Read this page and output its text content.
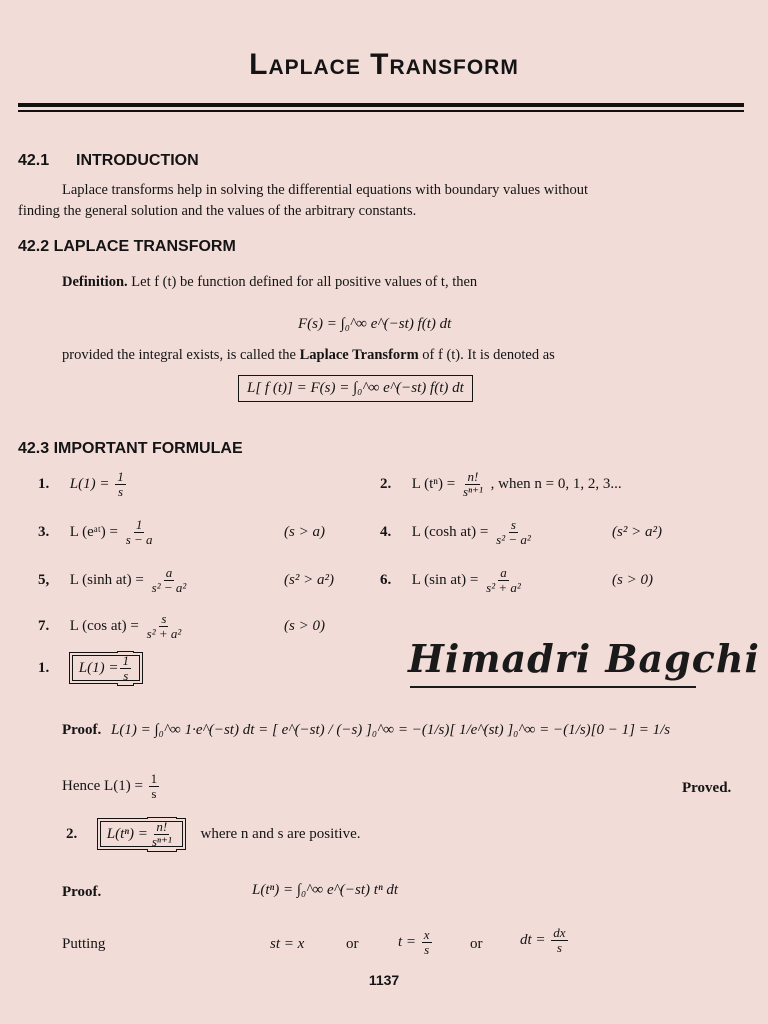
Laplace Transform
42.1 INTRODUCTION
Laplace transforms help in solving the differential equations with boundary values without
finding the general solution and the values of the arbitrary constants.
42.2 LAPLACE TRANSFORM
Definition. Let f (t) be function defined for all positive values of t, then
F(s) = ∫₀^∞ e^(−st) f(t) dt
provided the integral exists, is called the Laplace Transform of f (t). It is denoted as
L[ f (t)] = F(s) = ∫₀^∞ e^(−st) f(t) dt
42.3 IMPORTANT FORMULAE
1. $L(1) = \frac{1}{s}$	2. L $(t^n) = \frac{n!}{\text{sⁿ⁺¹}}$ , when n = 0, 1, 2, 3...
3. L (eᵃᵗ) = $\frac{1}{s - a}$	(s > a)	4. L (cosh $at) = \frac{s}{\text{s² − a²}}$	(s² > a²)
5, L (sinh $at) = \frac{a}{\text{s² − a²}}$	(s² > a²)	6. L (sin $at) = \frac{a}{\text{s² + a²}}$	(s > 0)
7. L (cos $at) = \frac{s}{\text{s² + a²}}$	(s > 0)
Himadri Bagchi
1. $L(1) = \frac{1}{s}$
Proof. L(1) = ∫₀^∞ 1·e^(−st) dt = [ e^(−st) / (−s) ]₀^∞ = −(1/s)[ 1/e^(st) ]₀^∞ = −(1/s)[0 − 1] = 1/s
Hence $L(1) = \frac{1}{s}$	Proved.
2. $L(t^n) = \frac{n!}{\text{sⁿ⁺¹}}$ where n and s are positive.
Proof.	L(tⁿ) = ∫₀^∞ e^(−st) tⁿ dt
Putting	st = x	or	$t = \frac{x}{s}$	or	dt = $\frac{dx}{s}$
1137
